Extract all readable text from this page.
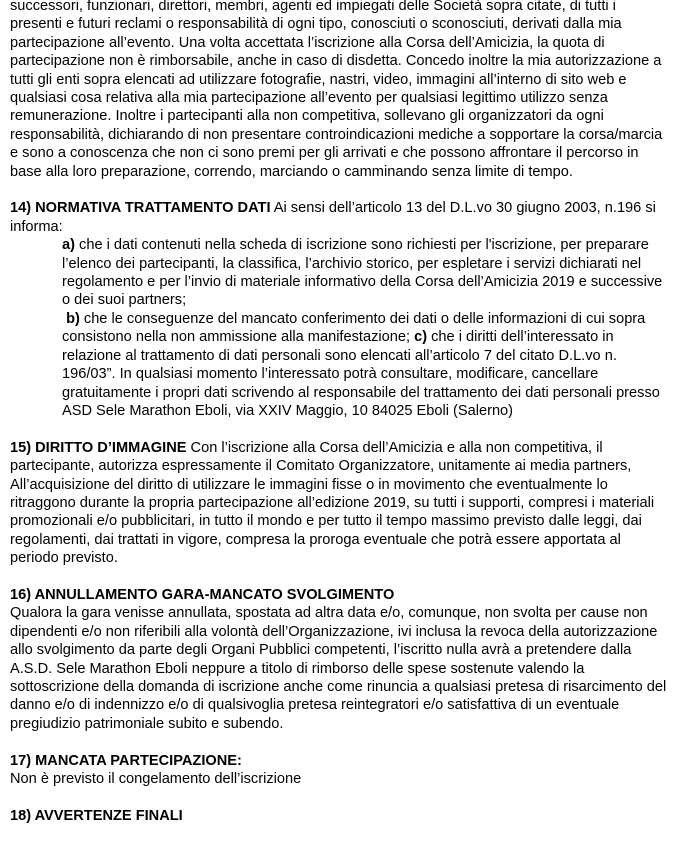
successori, funzionari, direttori, membri, agenti ed impiegati delle Società sopra citate, di tutti i presenti e futuri reclami o responsabilità di ogni tipo, conosciuti o sconosciuti, derivati dalla mia partecipazione all’evento. Una volta accettata l’iscrizione alla Corsa dell’Amicizia, la quota di partecipazione non è rimborsabile, anche in caso di disdetta. Concedo inoltre la mia autorizzazione a tutti gli enti sopra elencati ad utilizzare fotografie, nastri, video, immagini all’interno di sito web e qualsiasi cosa relativa alla mia partecipazione all’evento per qualsiasi legittimo utilizzo senza remunerazione. Inoltre i partecipanti alla non competitiva, sollevano gli organizzatori da ogni responsabilità, dichiarando di non presentare controindicazioni mediche a sopportare la corsa/marcia e sono a conoscenza che non ci sono premi per gli arrivati e che possono affrontare il percorso in base alla loro preparazione, correndo, marciando o camminando senza limite di tempo.

14) NORMATIVA TRATTAMENTO DATI Ai sensi dell’articolo 13 del D.L.vo 30 giugno 2003, n.196 si informa:

a) che i dati contenuti nella scheda di iscrizione sono richiesti per l'iscrizione, per preparare l’elenco dei partecipanti, la classifica, l’archivio storico, per espletare i servizi dichiarati nel regolamento e per l’invio di materiale informativo della Corsa dell’Amicizia 2019 e successive o dei suoi partners;

b) che le conseguenze del mancato conferimento dei dati o delle informazioni di cui sopra consistono nella non ammissione alla manifestazione; c) che i diritti dell’interessato in relazione al trattamento di dati personali sono elencati all’articolo 7 del citato D.L.vo n. 196/03”. In qualsiasi momento l’interessato potrà consultare, modificare, cancellare gratuitamente i propri dati scrivendo al responsabile del trattamento dei dati personali presso ASD Sele Marathon Eboli, via XXIV Maggio, 10 84025 Eboli (Salerno)

15) DIRITTO D’IMMAGINE Con l’iscrizione alla Corsa dell’Amicizia e alla non competitiva, il partecipante, autorizza espressamente il Comitato Organizzatore, unitamente ai media partners, All’acquisizione del diritto di utilizzare le immagini fisse o in movimento che eventualmente lo ritraggono durante la propria partecipazione all’edizione 2019, su tutti i supporti, compresi i materiali promozionali e/o pubblicitari, in tutto il mondo e per tutto il tempo massimo previsto dalle leggi, dai regolamenti, dai trattati in vigore, compresa la proroga eventuale che potrà essere apportata al periodo previsto.

16) ANNULLAMENTO GARA-MANCATO SVOLGIMENTO

Qualora la gara venisse annullata, spostata ad altra data e/o, comunque, non svolta per cause non dipendenti e/o non riferibili alla volontà dell’Organizzazione, ivi inclusa la revoca della autorizzazione allo svolgimento da parte degli Organi Pubblici competenti, l’iscritto nulla avrà a pretendere dalla A.S.D. Sele Marathon Eboli neppure a titolo di rimborso delle spese sostenute valendo la sottoscrizione della domanda di iscrizione anche come rinuncia a qualsiasi pretesa di risarcimento del danno e/o di indennizzo e/o di qualsivoglia pretesa reintegratori e/o satisfattiva di un eventuale pregiudizio patrimoniale subito e subendo.

17) MANCATA PARTECIPAZIONE:

Non è previsto il congelamento dell’iscrizione

18) AVVERTENZE FINALI
